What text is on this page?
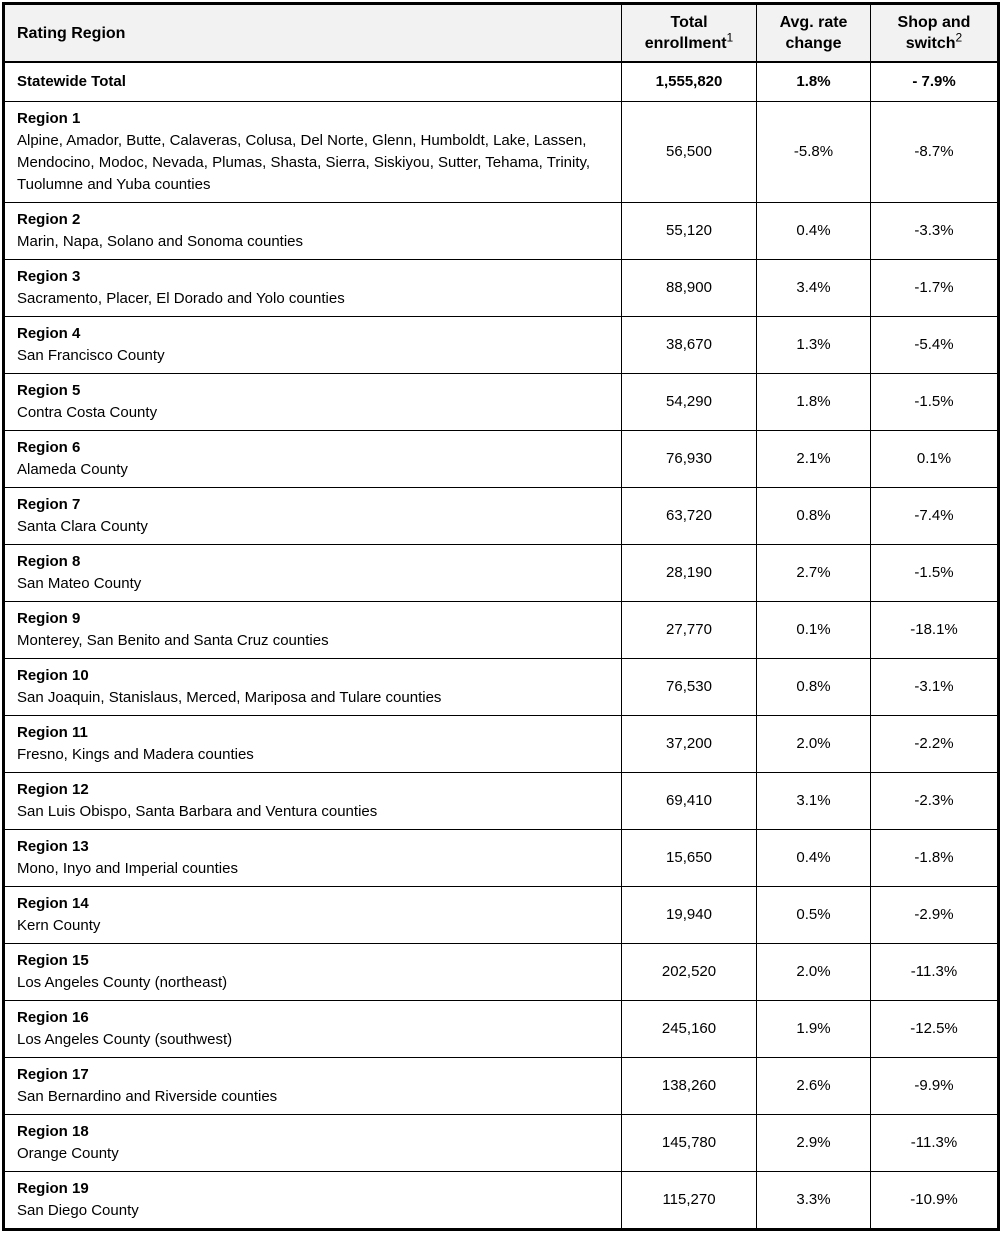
Rating Region	Total enrollment$^1$	Avg. rate change	Shop and switch$^2$

Statewide Total	1,555,820	1.8%	- 7.9%

Region 1
Alpine, Amador, Butte, Calaveras, Colusa, Del Norte, Glenn, Humboldt, Lake, Lassen, Mendocino, Modoc, Nevada, Plumas, Shasta, Sierra, Siskiyou, Sutter, Tehama, Trinity, Tuolumne and Yuba counties	56,500	-5.8%	-8.7%

Region 2
Marin, Napa, Solano and Sonoma counties	55,120	0.4%	-3.3%

Region 3
Sacramento, Placer, El Dorado and Yolo counties	88,900	3.4%	-1.7%

Region 4
San Francisco County	38,670	1.3%	-5.4%

Region 5
Contra Costa County	54,290	1.8%	-1.5%

Region 6
Alameda County	76,930	2.1%	0.1%

Region 7
Santa Clara County	63,720	0.8%	-7.4%

Region 8
San Mateo County	28,190	2.7%	-1.5%

Region 9
Monterey, San Benito and Santa Cruz counties	27,770	0.1%	-18.1%

Region 10
San Joaquin, Stanislaus, Merced, Mariposa and Tulare counties	76,530	0.8%	-3.1%

Region 11
Fresno, Kings and Madera counties	37,200	2.0%	-2.2%

Region 12
San Luis Obispo, Santa Barbara and Ventura counties	69,410	3.1%	-2.3%

Region 13
Mono, Inyo and Imperial counties	15,650	0.4%	-1.8%

Region 14
Kern County	19,940	0.5%	-2.9%

Region 15
Los Angeles County (northeast)	202,520	2.0%	-11.3%

Region 16
Los Angeles County (southwest)	245,160	1.9%	-12.5%

Region 17
San Bernardino and Riverside counties	138,260	2.6%	-9.9%

Region 18
Orange County	145,780	2.9%	-11.3%

Region 19
San Diego County	115,270	3.3%	-10.9%
